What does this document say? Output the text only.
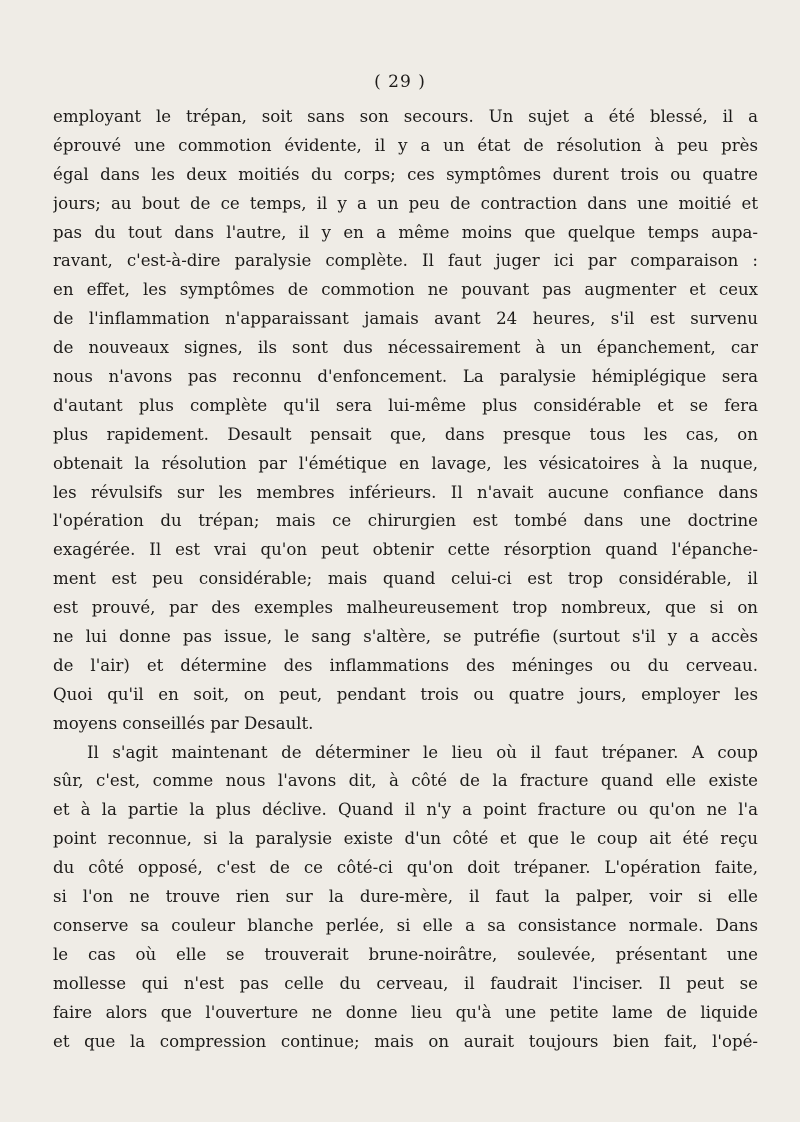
( 29 )
employant le trépan, soit sans son secours. Un sujet a été blessé, il a
éprouvé une commotion évidente, il y a un état de résolution à peu près
égal dans les deux moitiés du corps; ces symptômes durent trois ou quatre
jours; au bout de ce temps, il y a un peu de contraction dans une moitié et
pas du tout dans l'autre, il y en a même moins que quelque temps aupa-
ravant, c'est-à-dire paralysie complète. Il faut juger ici par comparaison :
en effet, les symptômes de commotion ne pouvant pas augmenter et ceux
de l'inflammation n'apparaissant jamais avant 24 heures, s'il est survenu
de nouveaux signes, ils sont dus nécessairement à un épanchement, car
nous n'avons pas reconnu d'enfoncement. La paralysie hémiplégique sera
d'autant plus complète qu'il sera lui-même plus considérable et se fera
plus rapidement. Desault pensait que, dans presque tous les cas, on
obtenait la résolution par l'émétique en lavage, les vésicatoires à la nuque,
les révulsifs sur les membres inférieurs. Il n'avait aucune confiance dans
l'opération du trépan; mais ce chirurgien est tombé dans une doctrine
exagérée. Il est vrai qu'on peut obtenir cette résorption quand l'épanche-
ment est peu considérable; mais quand celui-ci est trop considérable, il
est prouvé, par des exemples malheureusement trop nombreux, que si on
ne lui donne pas issue, le sang s'altère, se putréfie (surtout s'il y a accès
de l'air) et détermine des inflammations des méninges ou du cerveau.
Quoi qu'il en soit, on peut, pendant trois ou quatre jours, employer les
moyens conseillés par Desault.
Il s'agit maintenant de déterminer le lieu où il faut trépaner. A coup
sûr, c'est, comme nous l'avons dit, à côté de la fracture quand elle existe
et à la partie la plus déclive. Quand il n'y a point fracture ou qu'on ne l'a
point reconnue, si la paralysie existe d'un côté et que le coup ait été reçu
du côté opposé, c'est de ce côté-ci qu'on doit trépaner. L'opération faite,
si l'on ne trouve rien sur la dure-mère, il faut la palper, voir si elle
conserve sa couleur blanche perlée, si elle a sa consistance normale. Dans
le cas où elle se trouverait brune-noirâtre, soulevée, présentant une
mollesse qui n'est pas celle du cerveau, il faudrait l'inciser. Il peut se
faire alors que l'ouverture ne donne lieu qu'à une petite lame de liquide
et que la compression continue; mais on aurait toujours bien fait, l'opé-
